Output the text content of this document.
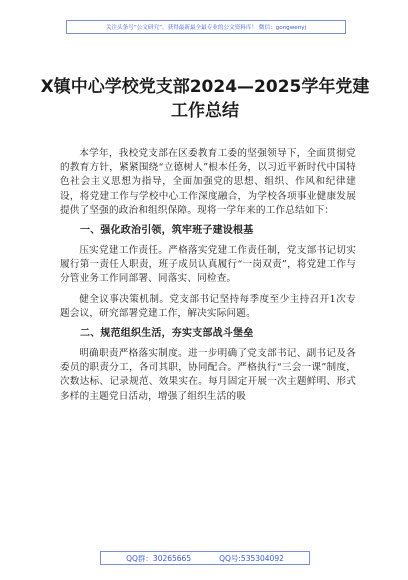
关注头条号“公文研究”，获得最新最全最专业的公文资料库！ 微信：gongwenyj
X镇中心学校党支部2024—2025学年党建工作总结

本学年，我校党支部在区委教育工委的坚强领导下，全面贯彻党的教育方针，紧紧围绕“立德树人”根本任务，以习近平新时代中国特色社会主义思想为指导，全面加强党的思想、组织、作风和纪律建设，将党建工作与学校中心工作深度融合，为学校各项事业健康发展提供了坚强的政治和组织保障。现将一学年来的工作总结如下：

一、强化政治引领，筑牢班子建设根基

压实党建工作责任。严格落实党建工作责任制，党支部书记切实履行第一责任人职责，班子成员认真履行“一岗双责”，将党建工作与分管业务工作同部署、同落实、同检查。

健全议事决策机制。党支部书记坚持每季度至少主持召开1次专题会议，研究部署党建工作，解决实际问题。

二、规范组织生活，夯实支部战斗堡垒

明确职责严格落实制度。进一步明确了党支部书记、副书记及各委员的职责分工，各司其职，协同配合。严格执行“三会一课”制度，次数达标、记录规范、效果实在。每月固定开展一次主题鲜明、形式多样的主题党日活动，增强了组织生活的吸

QQ群：30265665	QQ号:535304092
